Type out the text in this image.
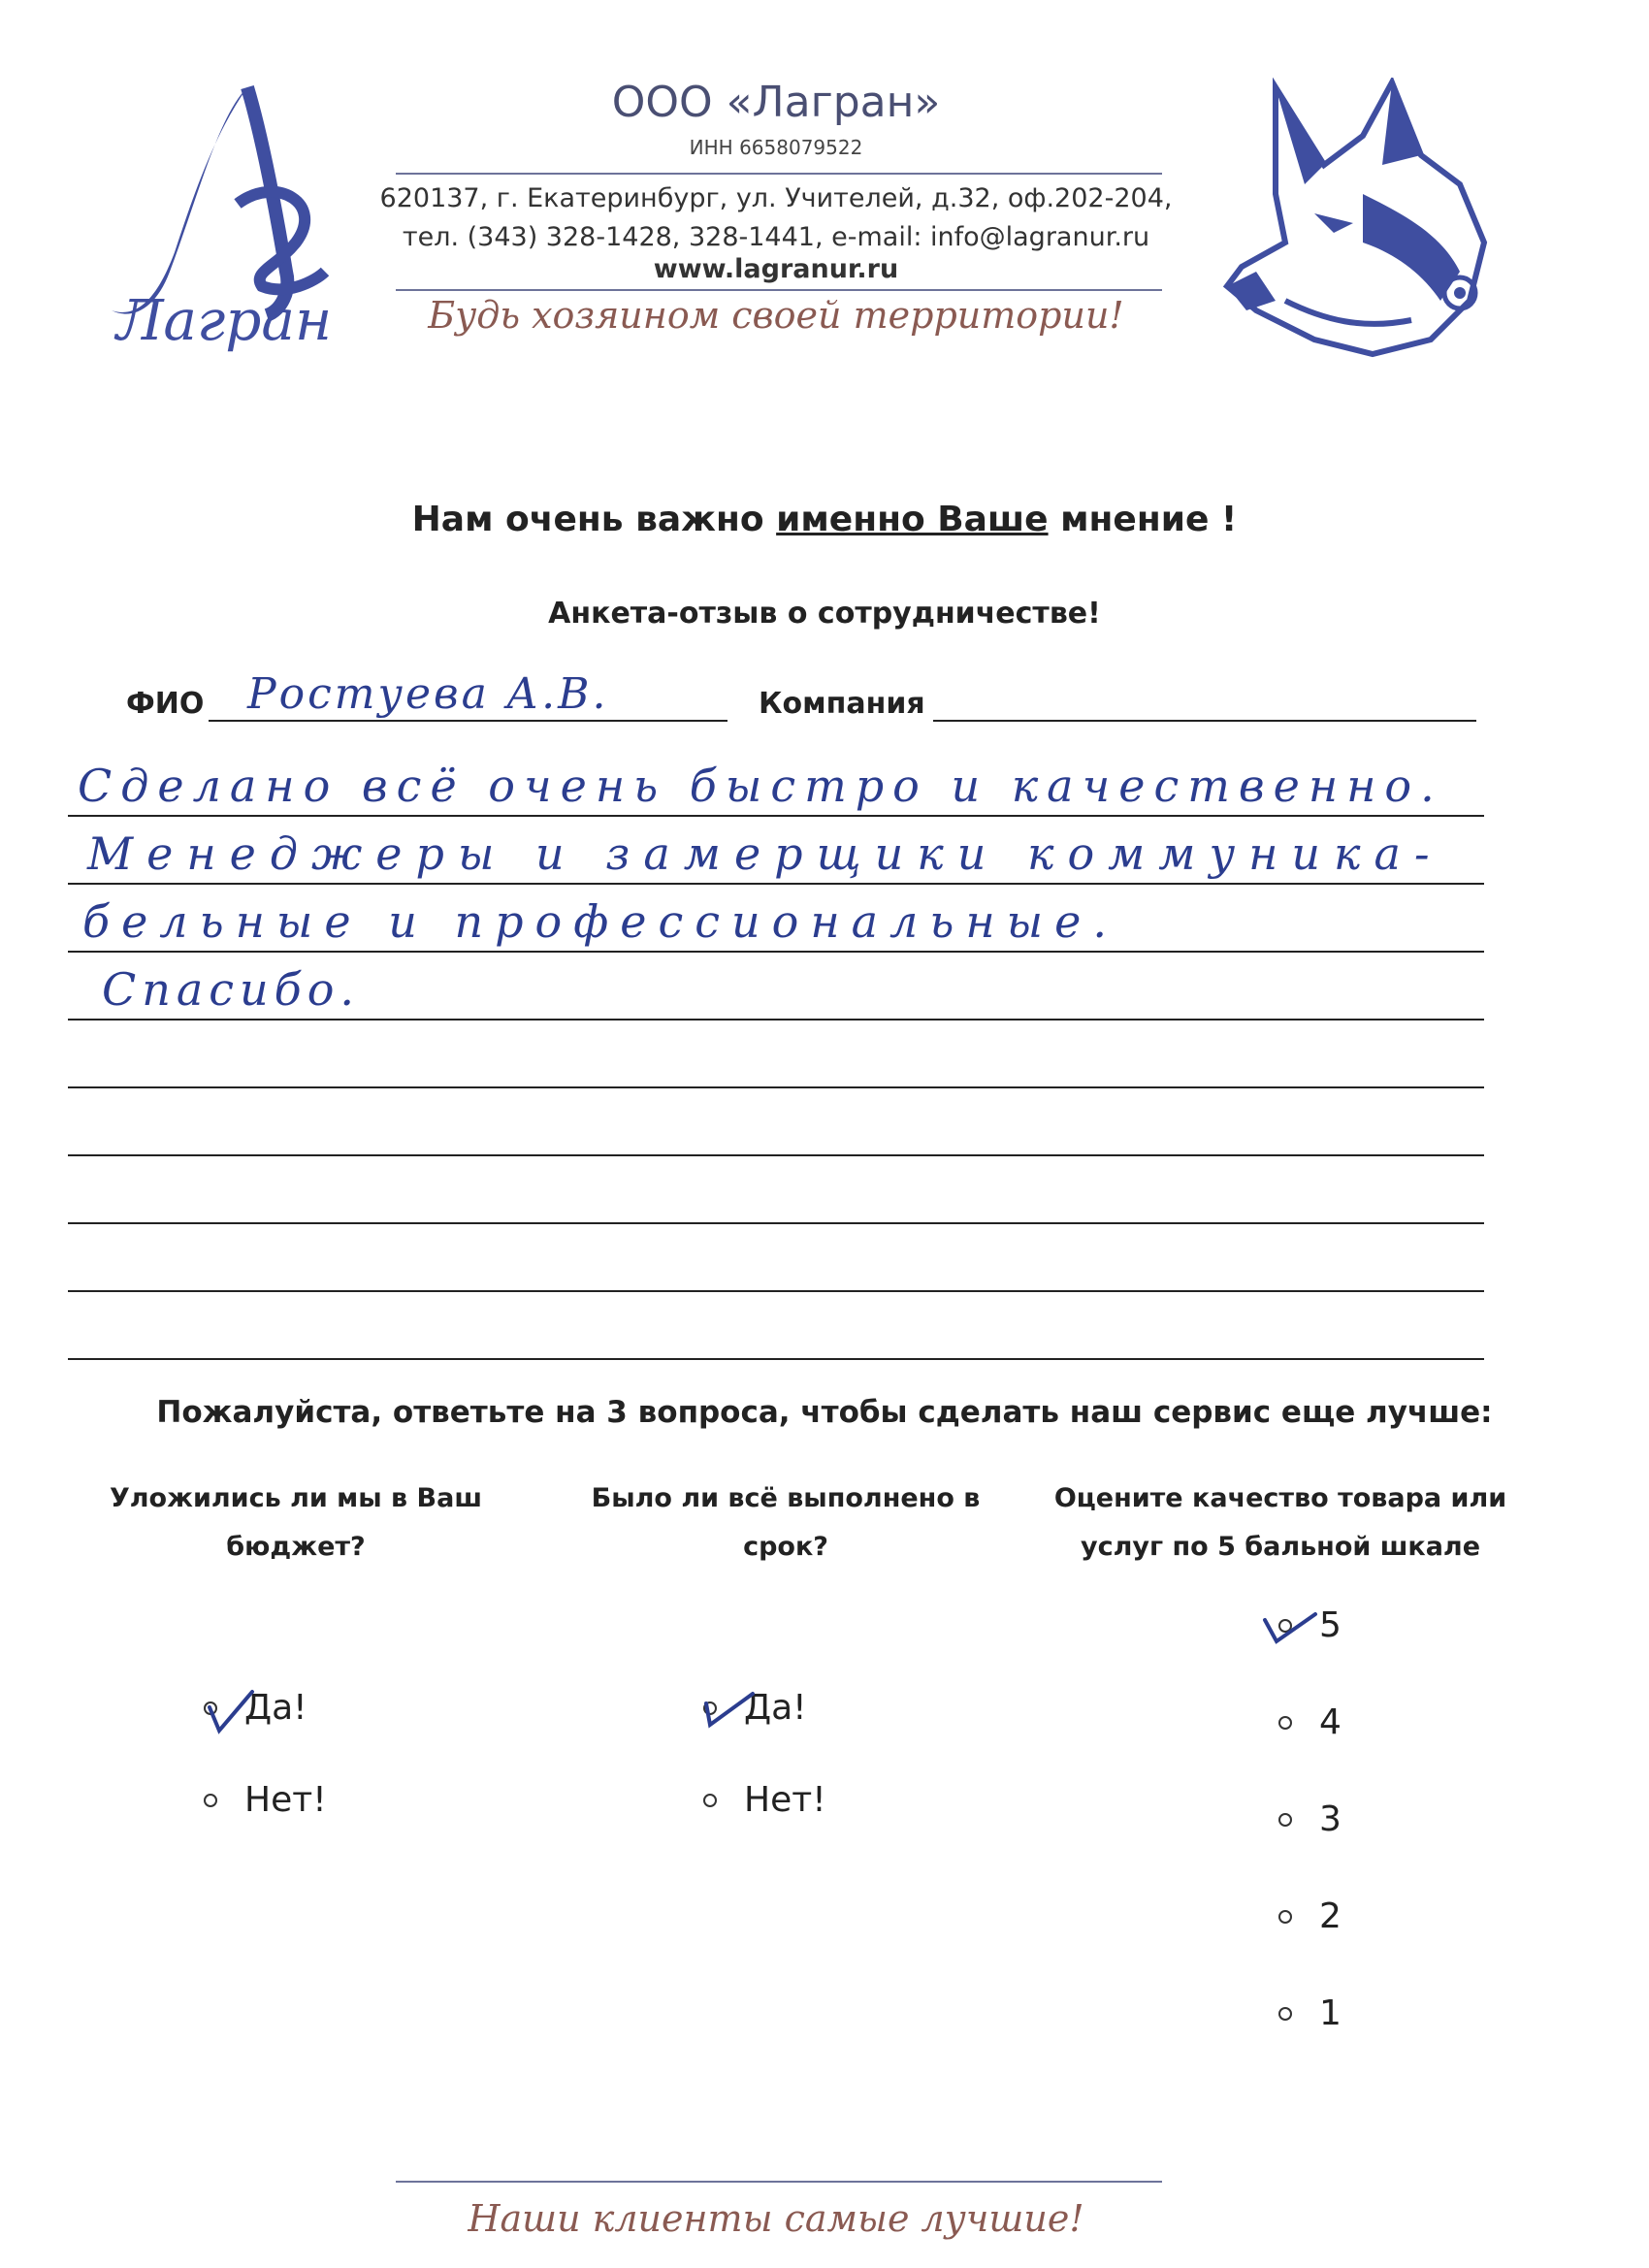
Лагран
ООО «Лагран»
ИНН 6658079522
620137, г. Екатеринбург, ул. Учителей, д.32, оф.202-204,
тел. (343) 328-1428, 328-1441, e-mail: info@lagranur.ru
www.lagranur.ru
Будь хозяином своей территории!
Нам очень важно именно Ваше мнение !
Анкета-отзыв о сотрудничестве!
ФИО Ростуева А.В.	Компания
Сделано всё очень быстро и качественно.
Менеджеры и замерщики коммуника-
бельные и профессиональные.
Спасибо.
Пожалуйста, ответьте на 3 вопроса, чтобы сделать наш сервис еще лучше:
Уложились ли мы в Ваш
бюджет?
Было ли всё выполнено в
срок?
Оцените качество товара или
услуг по 5 бальной шкале
Да!
Нет!
Да!
Нет!
5
4
3
2
1
Наши клиенты самые лучшие!
